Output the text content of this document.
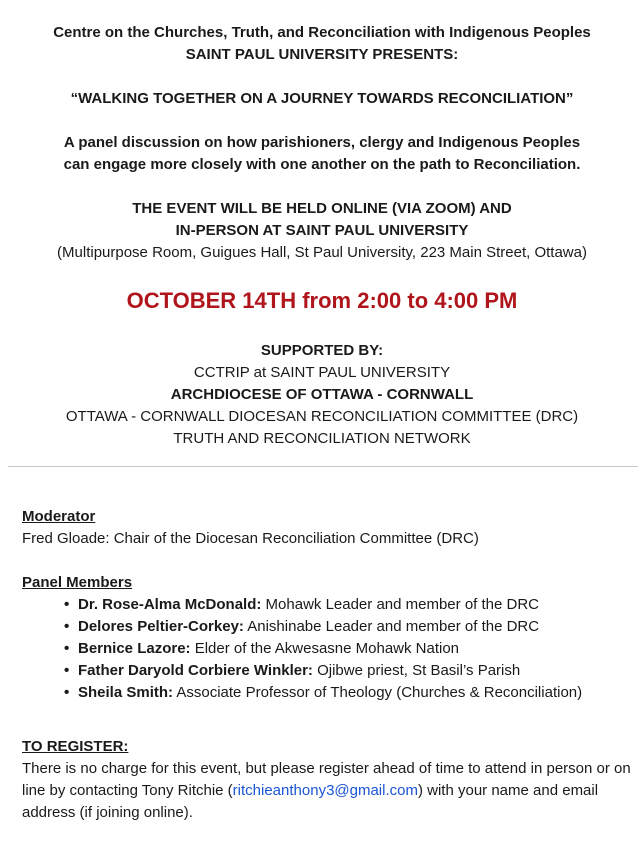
Centre on the Churches, Truth, and Reconciliation with Indigenous Peoples
SAINT PAUL UNIVERSITY PRESENTS:
“WALKING TOGETHER ON A JOURNEY TOWARDS RECONCILIATION”
A panel discussion on how parishioners, clergy and Indigenous Peoples
can engage more closely with one another on the path to Reconciliation.
THE EVENT WILL BE HELD ONLINE (VIA ZOOM) AND
IN-PERSON AT SAINT PAUL UNIVERSITY
(Multipurpose Room, Guigues Hall, St Paul University, 223 Main Street, Ottawa)
OCTOBER 14TH from 2:00 to 4:00 PM
SUPPORTED BY:
CCTRIP at SAINT PAUL UNIVERSITY
ARCHDIOCESE OF OTTAWA - CORNWALL
OTTAWA - CORNWALL DIOCESAN RECONCILIATION COMMITTEE (DRC)
TRUTH AND RECONCILIATION NETWORK
Moderator
Fred Gloade: Chair of the Diocesan Reconciliation Committee (DRC)
Panel Members
• Dr. Rose-Alma McDonald: Mohawk Leader and member of the DRC
• Delores Peltier-Corkey: Anishinabe Leader and member of the DRC
• Bernice Lazore: Elder of the Akwesasne Mohawk Nation
• Father Daryold Corbiere Winkler: Ojibwe priest, St Basil’s Parish
• Sheila Smith: Associate Professor of Theology (Churches & Reconciliation)
TO REGISTER:
There is no charge for this event, but please register ahead of time to attend in person or on line by contacting Tony Ritchie (ritchieanthony3@gmail.com) with your name and email address (if joining online).
